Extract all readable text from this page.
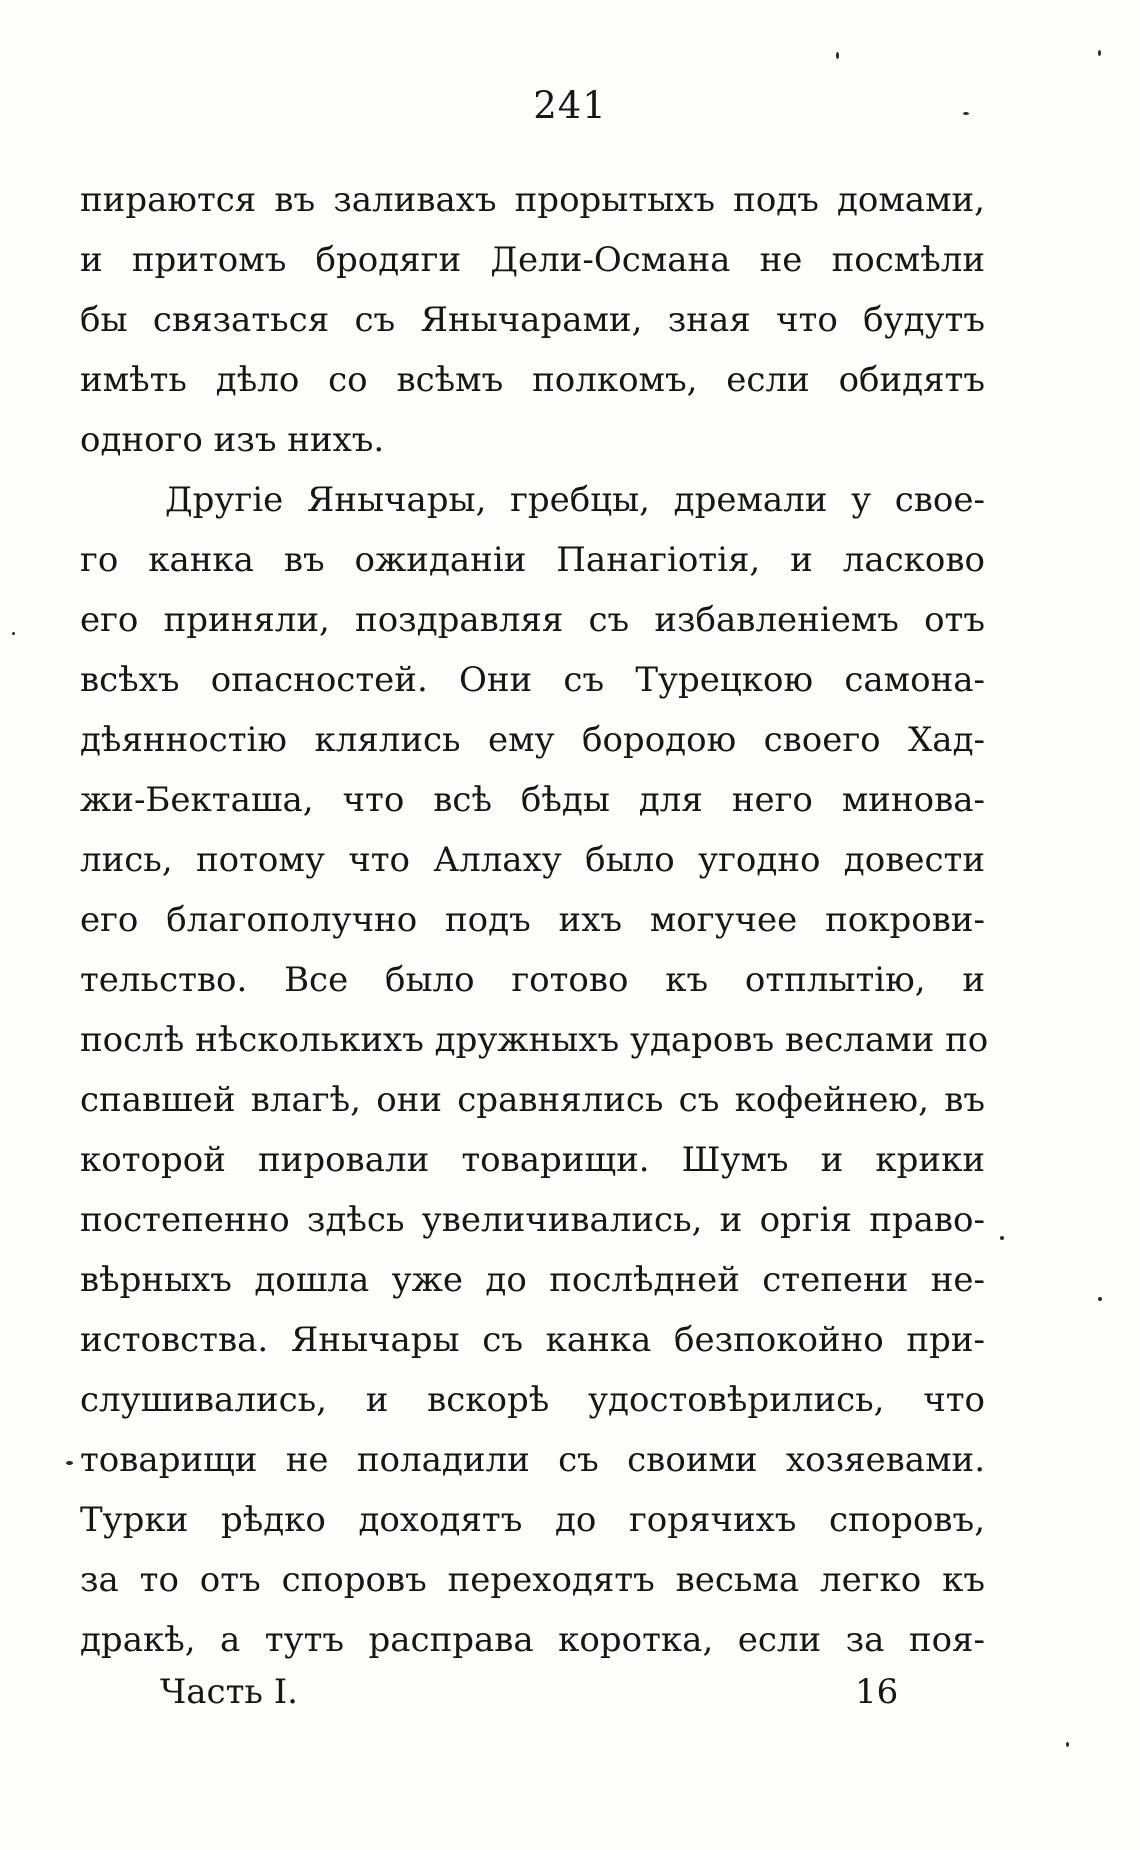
241
пираются въ заливахъ прорытыхъ подъ домами,
и притомъ бродяги Дели-Османа не посмѣли
бы связаться съ Янычарами, зная что будутъ
имѣть дѣло со всѣмъ полкомъ, если обидятъ
одного изъ нихъ.
Другіе Янычары, гребцы, дремали у свое-
го канка въ ожиданіи Панагіотія, и ласково
его приняли, поздравляя съ избавленіемъ отъ
всѣхъ опасностей. Они съ Турецкою самона-
дѣянностію клялись ему бородою своего Хад-
жи-Бекташа, что всѣ бѣды для него минова-
лись, потому что Аллаху было угодно довести
его благополучно подъ ихъ могучее покрови-
тельство. Все было готово къ отплытію, и
послѣ нѣсколькихъ дружныхъ ударовъ веслами по
спавшей влагѣ, они сравнялись съ кофейнею, въ
которой пировали товарищи. Шумъ и крики
постепенно здѣсь увеличивались, и оргія право-
вѣрныхъ дошла уже до послѣдней степени не-
истовства. Янычары съ канка безпокойно при-
слушивались, и вскорѣ удостовѣрились, что
товарищи не поладили съ своими хозяевами.
Турки рѣдко доходятъ до горячихъ споровъ,
за то отъ споровъ переходятъ весьма легко къ
дракѣ, а тутъ расправа коротка, если за поя-
Часть I.	16
